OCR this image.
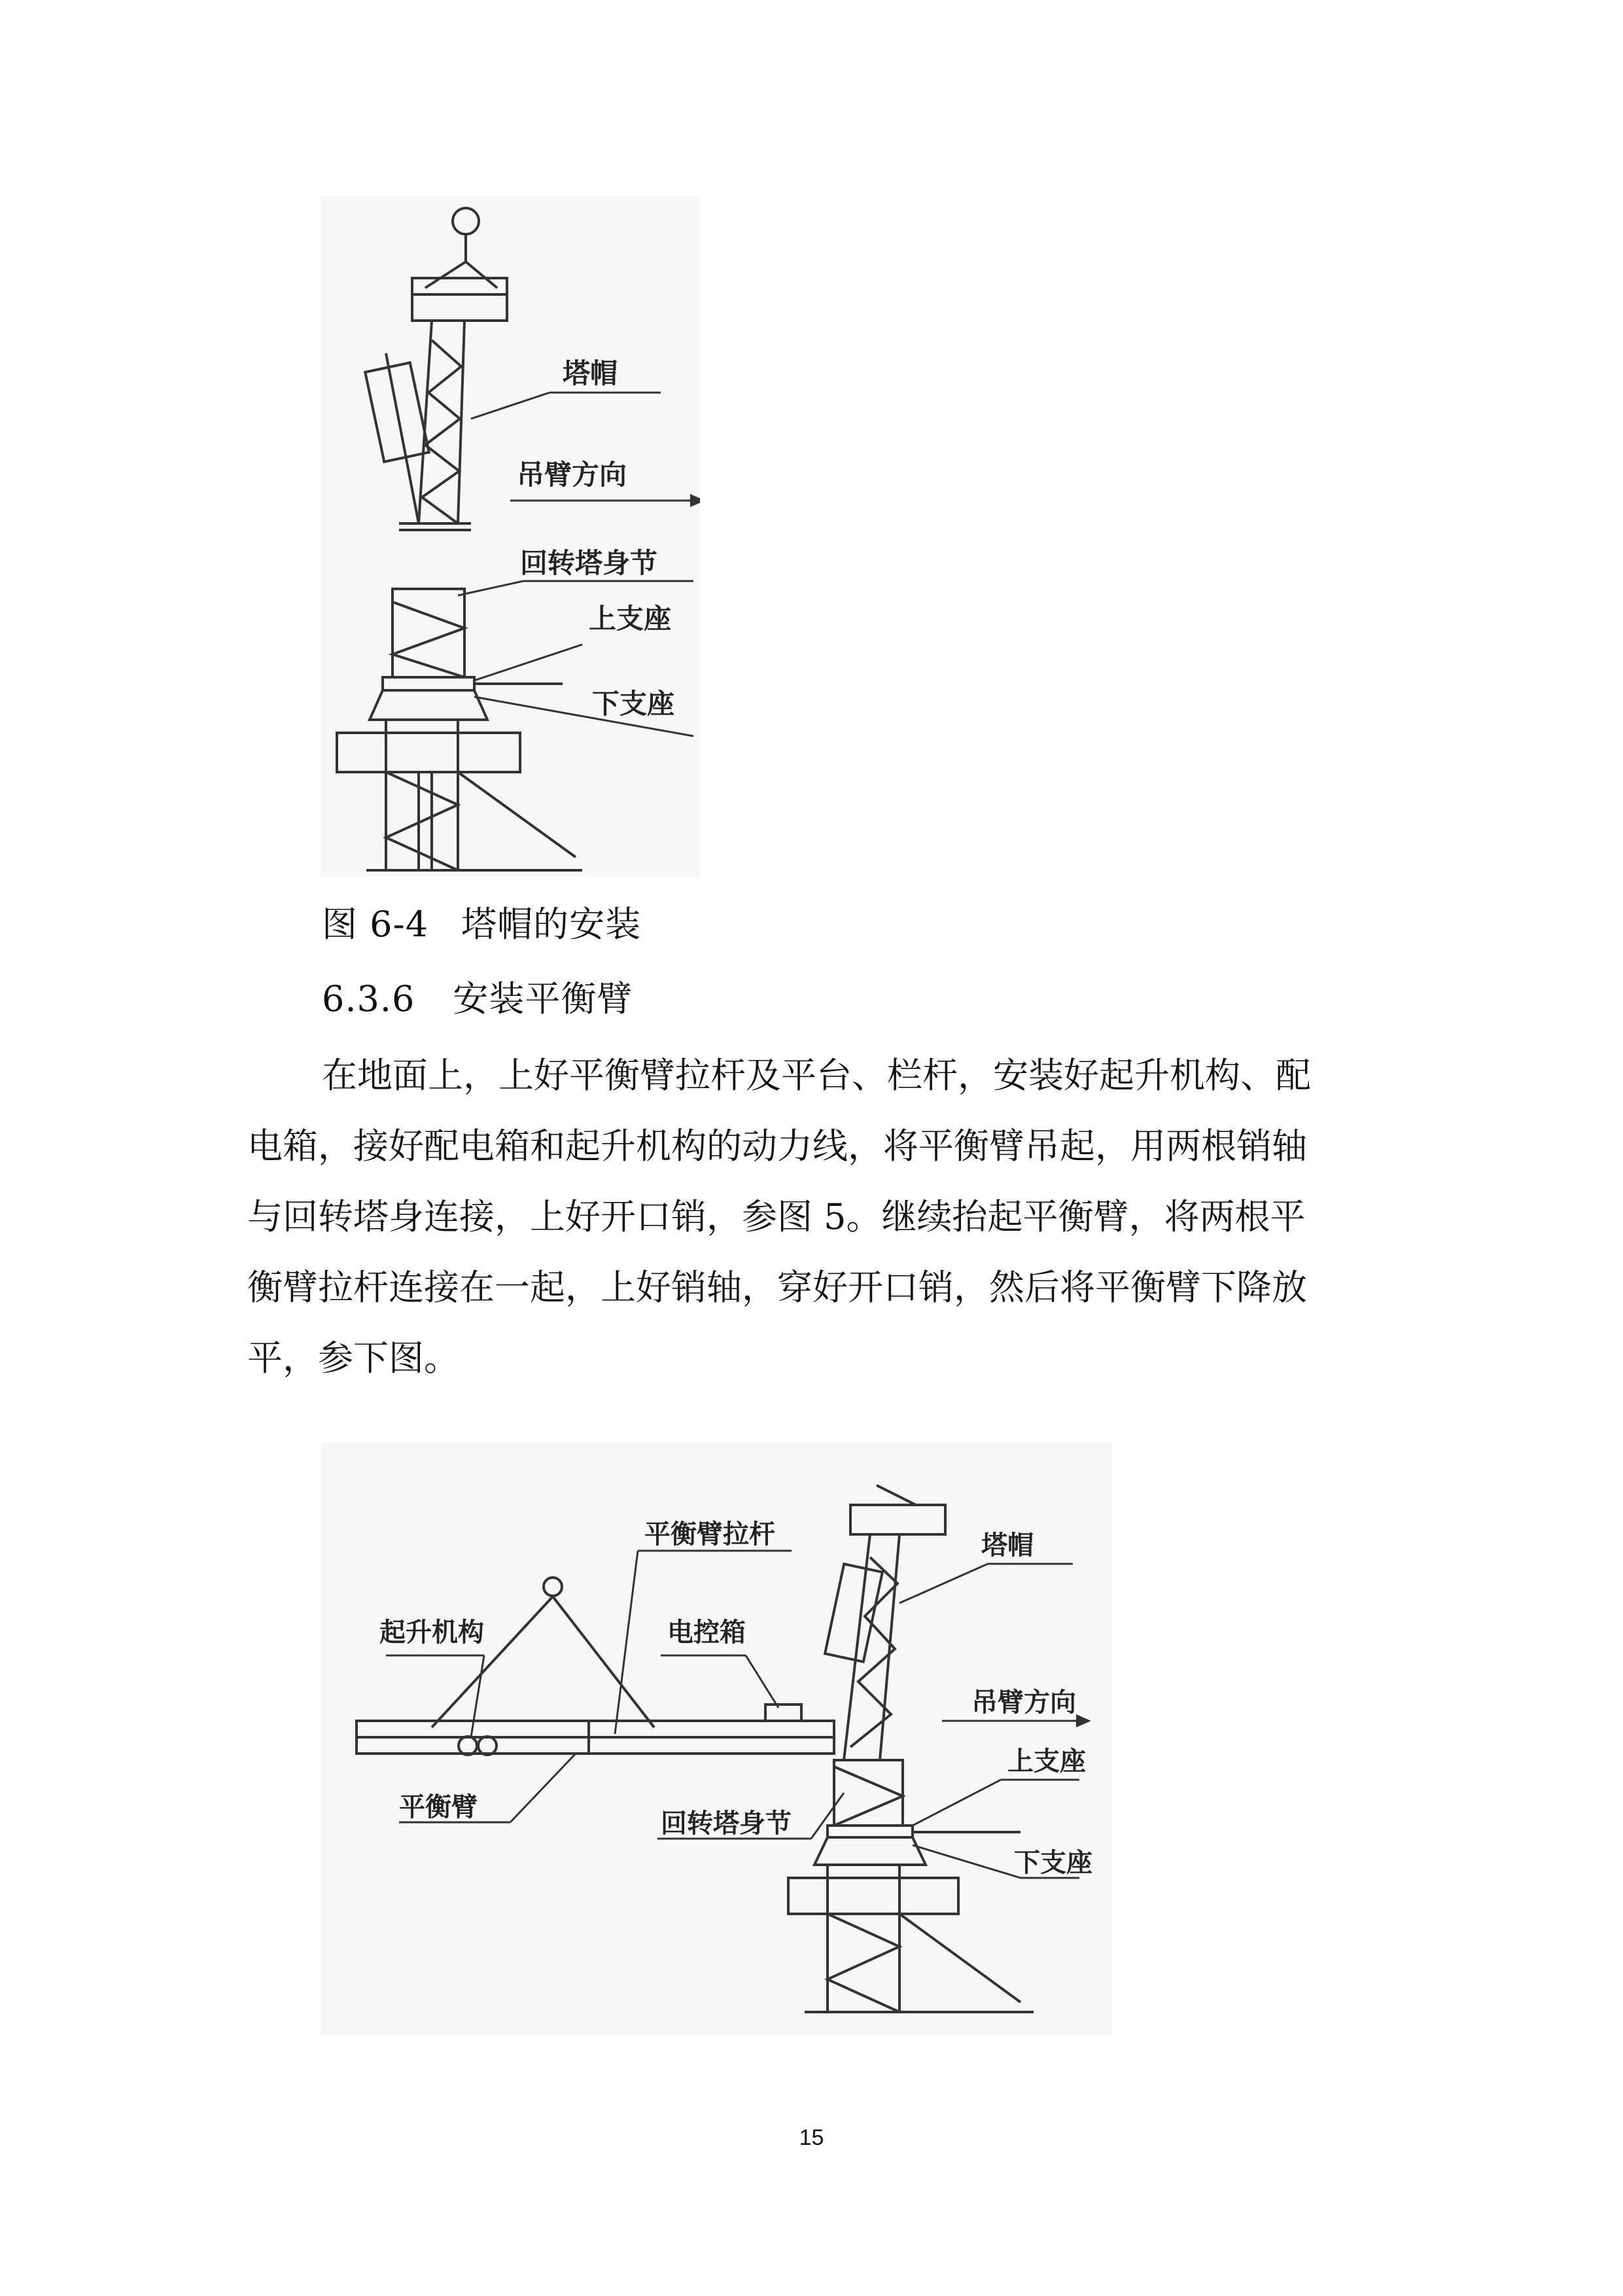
塔帽
吊臂方向
回转塔身节
上支座
下支座
图 6-4 塔帽的安装
6.3.6 安装平衡臂
在地面上，上好平衡臂拉杆及平台、栏杆，安装好起升机构、配
电箱，接好配电箱和起升机构的动力线，将平衡臂吊起，用两根销轴
与回转塔身连接，上好开口销，参图 5。继续抬起平衡臂，将两根平
衡臂拉杆连接在一起，上好销轴，穿好开口销，然后将平衡臂下降放
平，参下图。
平衡臂拉杆	塔帽
起升机构	电控箱
吊臂方向
上支座
平衡臂
回转塔身节
下支座
15
